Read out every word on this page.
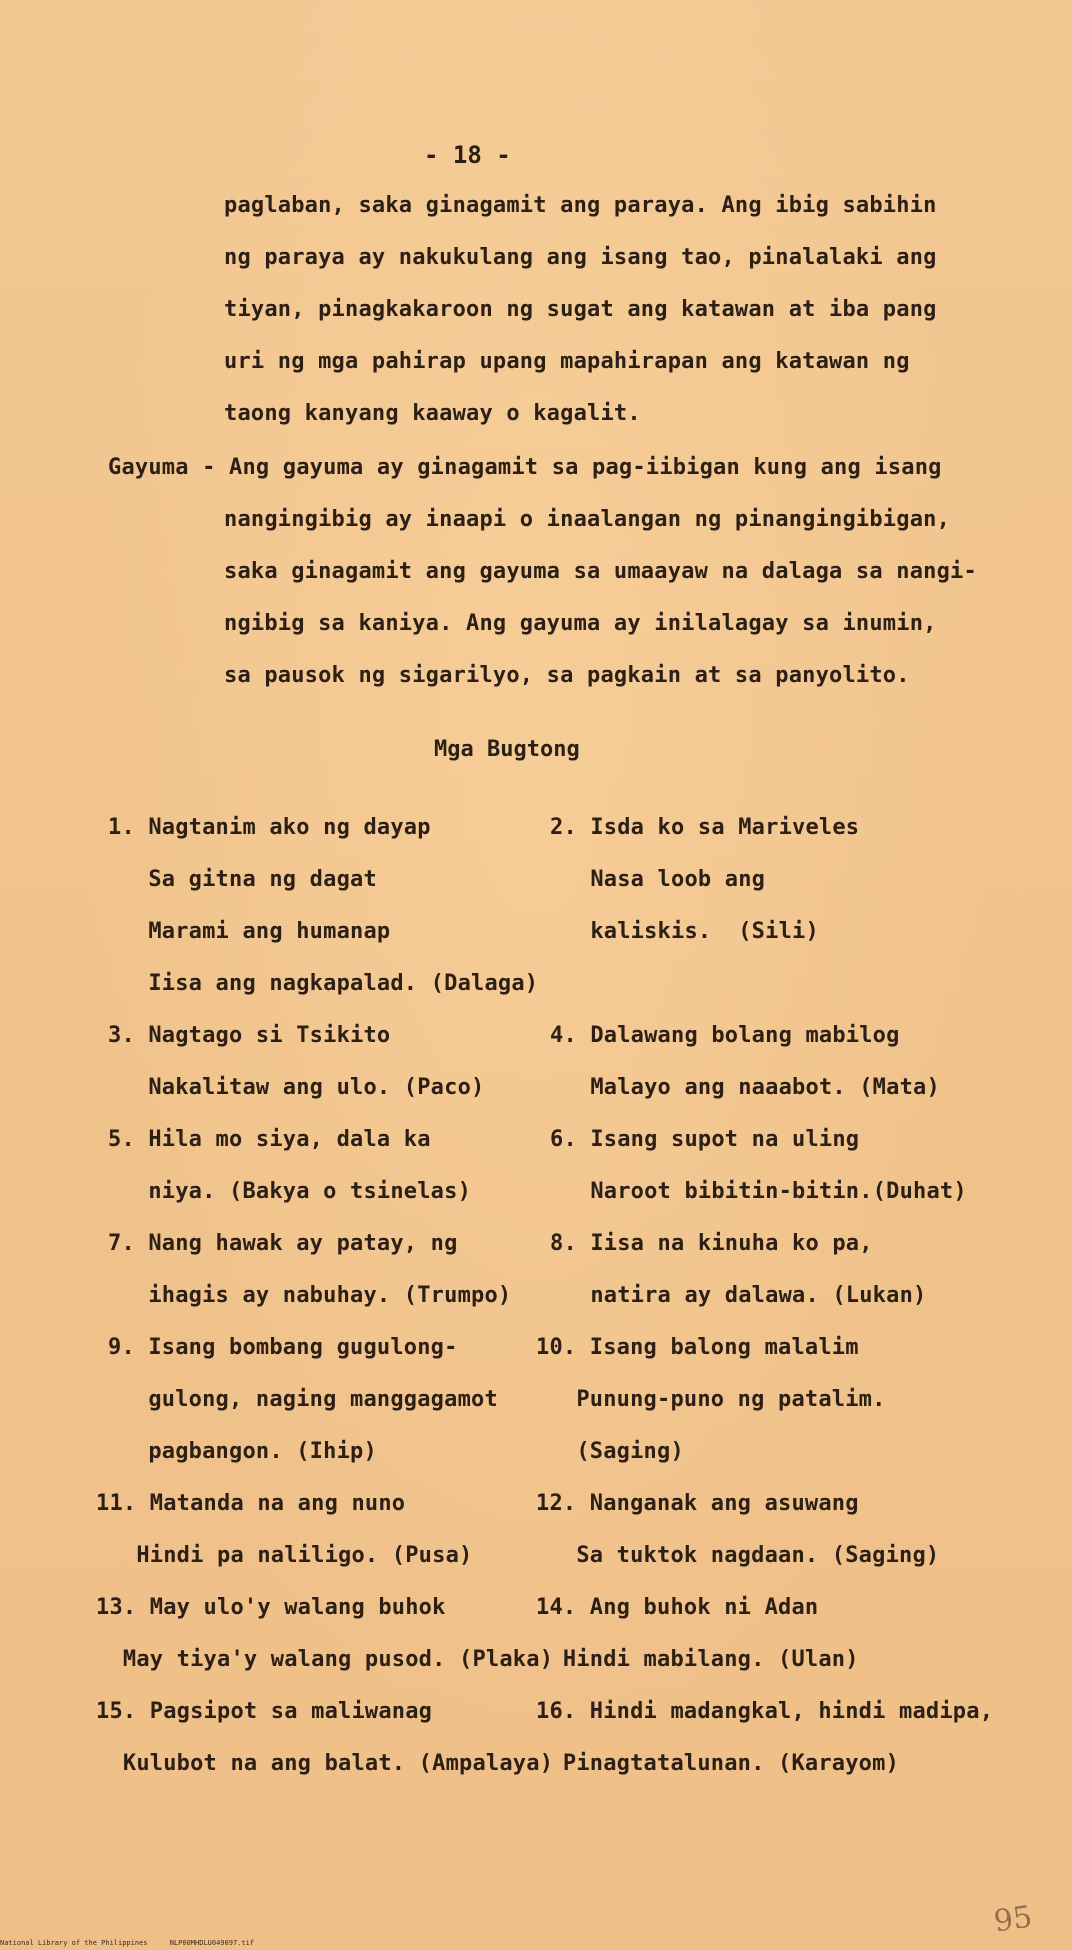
- 18 -
paglaban, saka ginagamit ang paraya. Ang ibig sabihin
ng paraya ay nakukulang ang isang tao, pinalalaki ang
tiyan, pinagkakaroon ng sugat ang katawan at iba pang
uri ng mga pahirap upang mapahirapan ang katawan ng
taong kanyang kaaway o kagalit.
Gayuma - Ang gayuma ay ginagamit sa pag-iibigan kung ang isang
nangingibig ay inaapi o inaalangan ng pinangingibigan,
saka ginagamit ang gayuma sa umaayaw na dalaga sa nangi-
ngibig sa kaniya. Ang gayuma ay inilalagay sa inumin,
sa pausok ng sigarilyo, sa pagkain at sa panyolito.
Mga Bugtong
1. Nagtanim ako ng dayap
Sa gitna ng dagat
Marami ang humanap
Iisa ang nagkapalad. (Dalaga)
3. Nagtago si Tsikito
Nakalitaw ang ulo. (Paco)
5. Hila mo siya, dala ka
niya. (Bakya o tsinelas)
7. Nang hawak ay patay, ng
ihagis ay nabuhay. (Trumpo)
9. Isang bombang gugulong-
gulong, naging manggagamot
pagbangon. (Ihip)
11. Matanda na ang nuno
Hindi pa naliligo. (Pusa)
13. May ulo'y walang buhok
May tiya'y walang pusod. (Plaka)
15. Pagsipot sa maliwanag
Kulubot na ang balat. (Ampalaya)
2. Isda ko sa Mariveles
Nasa loob ang
kaliskis.  (Sili)
4. Dalawang bolang mabilog
Malayo ang naaabot. (Mata)
6. Isang supot na uling
Naroot bibitin-bitin.(Duhat)
8. Iisa na kinuha ko pa,
natira ay dalawa. (Lukan)
10. Isang balong malalim
Punung-puno ng patalim.
(Saging)
12. Nanganak ang asuwang
Sa tuktok nagdaan. (Saging)
14. Ang buhok ni Adan
Hindi mabilang. (Ulan)
16. Hindi madangkal, hindi madipa,
Pinagtatalunan. (Karayom)
National Library of the Philippines	NLP00MHDLU049097.tif
95
